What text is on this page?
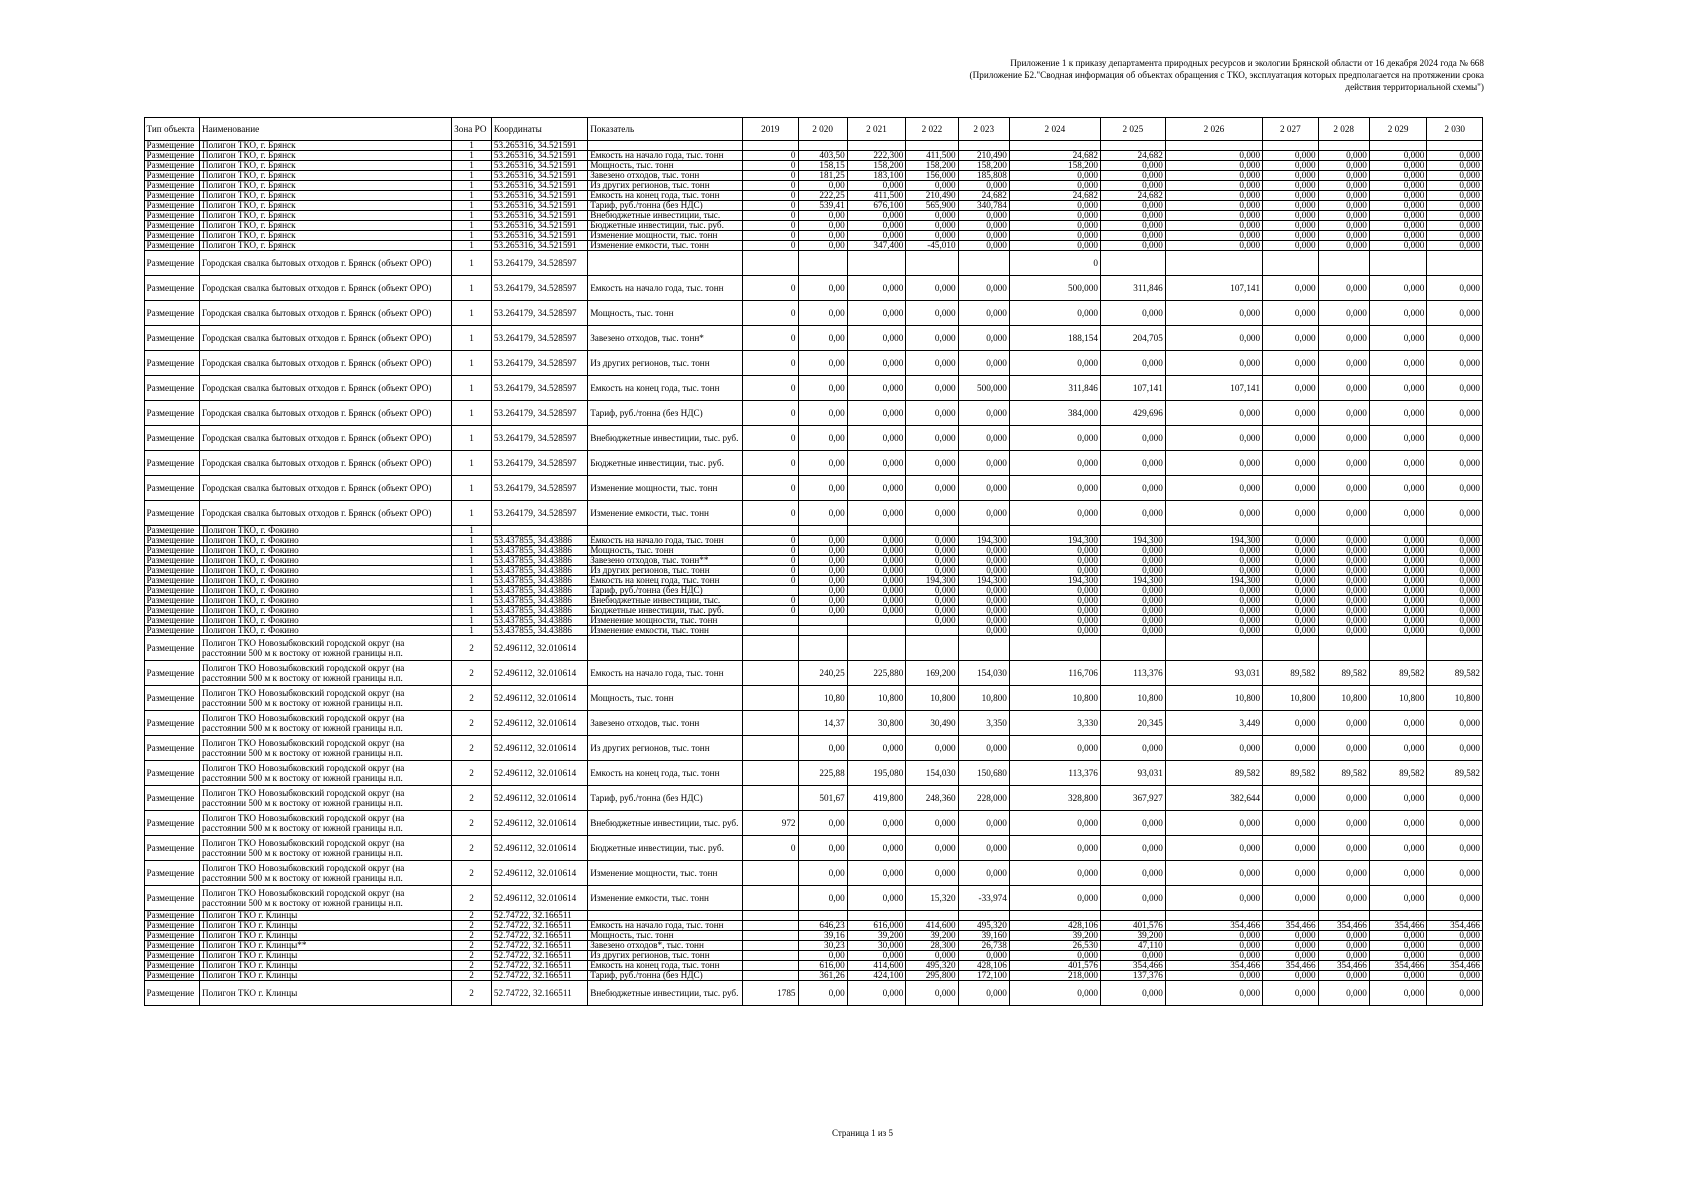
Приложение 1 к приказу департамента природных ресурсов и экологии Брянской области от 16 декабря 2024 года № 668
(Приложение Б2."Сводная информация об объектах обращения с ТКО, эксплуатация которых предполагается на протяжении срока
действия территориальной схемы")
	Тип объекта	Наименование	Зона РО	Координаты	Показатель	2019	2 020	2 021	2 022	2 023	2 024	2 025	2 026	2 027	2 028	2 029	2 030
	Размещение	Полигон ТКО, г. Брянск	1	53.265316, 34.521591													
	Размещение	Полигон ТКО, г. Брянск	1	53.265316, 34.521591	Емкость на начало года, тыс. тонн	0	403,50	222,300	411,500	210,490	24,682	24,682	0,000	0,000	0,000	0,000	0,000
	Размещение	Полигон ТКО, г. Брянск	1	53.265316, 34.521591	Мощность, тыс. тонн	0	158,15	158,200	158,200	158,200	158,200	0,000	0,000	0,000	0,000	0,000	0,000
	Размещение	Полигон ТКО, г. Брянск	1	53.265316, 34.521591	Завезено отходов, тыс. тонн	0	181,25	183,100	156,000	185,808	0,000	0,000	0,000	0,000	0,000	0,000	0,000
	Размещение	Полигон ТКО, г. Брянск	1	53.265316, 34.521591	Из других регионов, тыс. тонн	0	0,00	0,000	0,000	0,000	0,000	0,000	0,000	0,000	0,000	0,000	0,000
	Размещение	Полигон ТКО, г. Брянск	1	53.265316, 34.521591	Емкость на конец года, тыс. тонн	0	222,25	411,500	210,490	24,682	24,682	24,682	0,000	0,000	0,000	0,000	0,000
	Размещение	Полигон ТКО, г. Брянск	1	53.265316, 34.521591	Тариф, руб./тонна (без НДС)	0	539,41	676,100	565,900	340,784	0,000	0,000	0,000	0,000	0,000	0,000	0,000
	Размещение	Полигон ТКО, г. Брянск	1	53.265316, 34.521591	Внебюджетные инвестиции, тыс.	0	0,00	0,000	0,000	0,000	0,000	0,000	0,000	0,000	0,000	0,000	0,000
	Размещение	Полигон ТКО, г. Брянск	1	53.265316, 34.521591	Бюджетные инвестиции, тыс. руб.	0	0,00	0,000	0,000	0,000	0,000	0,000	0,000	0,000	0,000	0,000	0,000
	Размещение	Полигон ТКО, г. Брянск	1	53.265316, 34.521591	Изменение мощности, тыс. тонн	0	0,00	0,000	0,000	0,000	0,000	0,000	0,000	0,000	0,000	0,000	0,000
	Размещение	Полигон ТКО, г. Брянск	1	53.265316, 34.521591	Изменение емкости, тыс. тонн	0	0,00	347,400	-45,010	0,000	0,000	0,000	0,000	0,000	0,000	0,000	0,000
	Размещение	Городская свалка бытовых отходов г. Брянск (объект ОРО)	1	53.264179, 34.528597							0						
	Размещение	Городская свалка бытовых отходов г. Брянск (объект ОРО)	1	53.264179, 34.528597	Емкость на начало года, тыс. тонн	0	0,00	0,000	0,000	0,000	500,000	311,846	107,141	0,000	0,000	0,000	0,000
	Размещение	Городская свалка бытовых отходов г. Брянск (объект ОРО)	1	53.264179, 34.528597	Мощность, тыс. тонн	0	0,00	0,000	0,000	0,000	0,000	0,000	0,000	0,000	0,000	0,000	0,000
	Размещение	Городская свалка бытовых отходов г. Брянск (объект ОРО)	1	53.264179, 34.528597	Завезено отходов, тыс. тонн*	0	0,00	0,000	0,000	0,000	188,154	204,705	0,000	0,000	0,000	0,000	0,000
	Размещение	Городская свалка бытовых отходов г. Брянск (объект ОРО)	1	53.264179, 34.528597	Из других регионов, тыс. тонн	0	0,00	0,000	0,000	0,000	0,000	0,000	0,000	0,000	0,000	0,000	0,000
	Размещение	Городская свалка бытовых отходов г. Брянск (объект ОРО)	1	53.264179, 34.528597	Емкость на конец года, тыс. тонн	0	0,00	0,000	0,000	500,000	311,846	107,141	107,141	0,000	0,000	0,000	0,000
	Размещение	Городская свалка бытовых отходов г. Брянск (объект ОРО)	1	53.264179, 34.528597	Тариф, руб./тонна (без НДС)	0	0,00	0,000	0,000	0,000	384,000	429,696	0,000	0,000	0,000	0,000	0,000
	Размещение	Городская свалка бытовых отходов г. Брянск (объект ОРО)	1	53.264179, 34.528597	Внебюджетные инвестиции, тыс. руб.	0	0,00	0,000	0,000	0,000	0,000	0,000	0,000	0,000	0,000	0,000	0,000
	Размещение	Городская свалка бытовых отходов г. Брянск (объект ОРО)	1	53.264179, 34.528597	Бюджетные инвестиции, тыс. руб.	0	0,00	0,000	0,000	0,000	0,000	0,000	0,000	0,000	0,000	0,000	0,000
	Размещение	Городская свалка бытовых отходов г. Брянск (объект ОРО)	1	53.264179, 34.528597	Изменение мощности, тыс. тонн	0	0,00	0,000	0,000	0,000	0,000	0,000	0,000	0,000	0,000	0,000	0,000
	Размещение	Городская свалка бытовых отходов г. Брянск (объект ОРО)	1	53.264179, 34.528597	Изменение емкости, тыс. тонн	0	0,00	0,000	0,000	0,000	0,000	0,000	0,000	0,000	0,000	0,000	0,000
	Размещение	Полигон ТКО, г. Фокино	1														
	Размещение	Полигон ТКО, г. Фокино	1	53.437855, 34.43886	Емкость на начало года, тыс. тонн	0	0,00	0,000	0,000	194,300	194,300	194,300	194,300	0,000	0,000	0,000	0,000
	Размещение	Полигон ТКО, г. Фокино	1	53.437855, 34.43886	Мощность, тыс. тонн	0	0,00	0,000	0,000	0,000	0,000	0,000	0,000	0,000	0,000	0,000	0,000
	Размещение	Полигон ТКО, г. Фокино	1	53.437855, 34.43886	Завезено отходов, тыс. тонн**	0	0,00	0,000	0,000	0,000	0,000	0,000	0,000	0,000	0,000	0,000	0,000
	Размещение	Полигон ТКО, г. Фокино	1	53.437855, 34.43886	Из других регионов, тыс. тонн	0	0,00	0,000	0,000	0,000	0,000	0,000	0,000	0,000	0,000	0,000	0,000
	Размещение	Полигон ТКО, г. Фокино	1	53.437855, 34.43886	Емкость на конец года, тыс. тонн	0	0,00	0,000	194,300	194,300	194,300	194,300	194,300	0,000	0,000	0,000	0,000
	Размещение	Полигон ТКО, г. Фокино	1	53.437855, 34.43886	Тариф, руб./тонна (без НДС)		0,00	0,000	0,000	0,000	0,000	0,000	0,000	0,000	0,000	0,000	0,000
	Размещение	Полигон ТКО, г. Фокино	1	53.437855, 34.43886	Внебюджетные инвестиции, тыс.	0	0,00	0,000	0,000	0,000	0,000	0,000	0,000	0,000	0,000	0,000	0,000
	Размещение	Полигон ТКО, г. Фокино	1	53.437855, 34.43886	Бюджетные инвестиции, тыс. руб.	0	0,00	0,000	0,000	0,000	0,000	0,000	0,000	0,000	0,000	0,000	0,000
	Размещение	Полигон ТКО, г. Фокино	1	53.437855, 34.43886	Изменение мощности, тыс. тонн				0,000	0,000	0,000	0,000	0,000	0,000	0,000	0,000	0,000
	Размещение	Полигон ТКО, г. Фокино	1	53.437855, 34.43886	Изменение емкости, тыс. тонн					0,000	0,000	0,000	0,000	0,000	0,000	0,000	0,000
	Размещение	Полигон ТКО Новозыбковский городской округ (на расстоянии 500 м к востоку от южной границы н.п.	2	52.496112, 32.010614													
	Размещение	Полигон ТКО Новозыбковский городской округ (на расстоянии 500 м к востоку от южной границы н.п.	2	52.496112, 32.010614	Емкость на начало года, тыс. тонн		240,25	225,880	169,200	154,030	116,706	113,376	93,031	89,582	89,582	89,582	89,582
	Размещение	Полигон ТКО Новозыбковский городской округ (на расстоянии 500 м к востоку от южной границы н.п.	2	52.496112, 32.010614	Мощность, тыс. тонн		10,80	10,800	10,800	10,800	10,800	10,800	10,800	10,800	10,800	10,800	10,800
	Размещение	Полигон ТКО Новозыбковский городской округ (на расстоянии 500 м к востоку от южной границы н.п.	2	52.496112, 32.010614	Завезено отходов, тыс. тонн		14,37	30,800	30,490	3,350	3,330	20,345	3,449	0,000	0,000	0,000	0,000
	Размещение	Полигон ТКО Новозыбковский городской округ (на расстоянии 500 м к востоку от южной границы н.п.	2	52.496112, 32.010614	Из других регионов, тыс. тонн		0,00	0,000	0,000	0,000	0,000	0,000	0,000	0,000	0,000	0,000	0,000
	Размещение	Полигон ТКО Новозыбковский городской округ (на расстоянии 500 м к востоку от южной границы н.п.	2	52.496112, 32.010614	Емкость на конец года, тыс. тонн		225,88	195,080	154,030	150,680	113,376	93,031	89,582	89,582	89,582	89,582	89,582
	Размещение	Полигон ТКО Новозыбковский городской округ (на расстоянии 500 м к востоку от южной границы н.п.	2	52.496112, 32.010614	Тариф, руб./тонна (без НДС)		501,67	419,800	248,360	228,000	328,800	367,927	382,644	0,000	0,000	0,000	0,000
	Размещение	Полигон ТКО Новозыбковский городской округ (на расстоянии 500 м к востоку от южной границы н.п.	2	52.496112, 32.010614	Внебюджетные инвестиции, тыс. руб.	972	0,00	0,000	0,000	0,000	0,000	0,000	0,000	0,000	0,000	0,000	0,000
	Размещение	Полигон ТКО Новозыбковский городской округ (на расстоянии 500 м к востоку от южной границы н.п.	2	52.496112, 32.010614	Бюджетные инвестиции, тыс. руб.	0	0,00	0,000	0,000	0,000	0,000	0,000	0,000	0,000	0,000	0,000	0,000
	Размещение	Полигон ТКО Новозыбковский городской округ (на расстоянии 500 м к востоку от южной границы н.п.	2	52.496112, 32.010614	Изменение мощности, тыс. тонн		0,00	0,000	0,000	0,000	0,000	0,000	0,000	0,000	0,000	0,000	0,000
	Размещение	Полигон ТКО Новозыбковский городской округ (на расстоянии 500 м к востоку от южной границы н.п.	2	52.496112, 32.010614	Изменение емкости, тыс. тонн		0,00	0,000	15,320	-33,974	0,000	0,000	0,000	0,000	0,000	0,000	0,000
	Размещение	Полигон ТКО г. Клинцы	2	52.74722, 32.166511													
	Размещение	Полигон ТКО г. Клинцы	2	52.74722, 32.166511	Емкость на начало года, тыс. тонн		646,23	616,000	414,600	495,320	428,106	401,576	354,466	354,466	354,466	354,466	354,466
	Размещение	Полигон ТКО г. Клинцы	2	52.74722, 32.166511	Мощность, тыс. тонн		39,16	39,200	39,200	39,160	39,200	39,200	0,000	0,000	0,000	0,000	0,000
	Размещение	Полигон ТКО г. Клинцы**	2	52.74722, 32.166511	Завезено отходов*, тыс. тонн		30,23	30,000	28,300	26,738	26,530	47,110	0,000	0,000	0,000	0,000	0,000
	Размещение	Полигон ТКО г. Клинцы	2	52.74722, 32.166511	Из других регионов, тыс. тонн		0,00	0,000	0,000	0,000	0,000	0,000	0,000	0,000	0,000	0,000	0,000
	Размещение	Полигон ТКО г. Клинцы	2	52.74722, 32.166511	Емкость на конец года, тыс. тонн		616,00	414,600	495,320	428,106	401,576	354,466	354,466	354,466	354,466	354,466	354,466
	Размещение	Полигон ТКО г. Клинцы	2	52.74722, 32.166511	Тариф, руб./тонна (без НДС)		361,26	424,100	295,800	172,100	218,000	137,376	0,000	0,000	0,000	0,000	0,000
	Размещение	Полигон ТКО г. Клинцы	2	52.74722, 32.166511	Внебюджетные инвестиции, тыс. руб.	1785	0,00	0,000	0,000	0,000	0,000	0,000	0,000	0,000	0,000	0,000	0,000
Страница 1 из 5
